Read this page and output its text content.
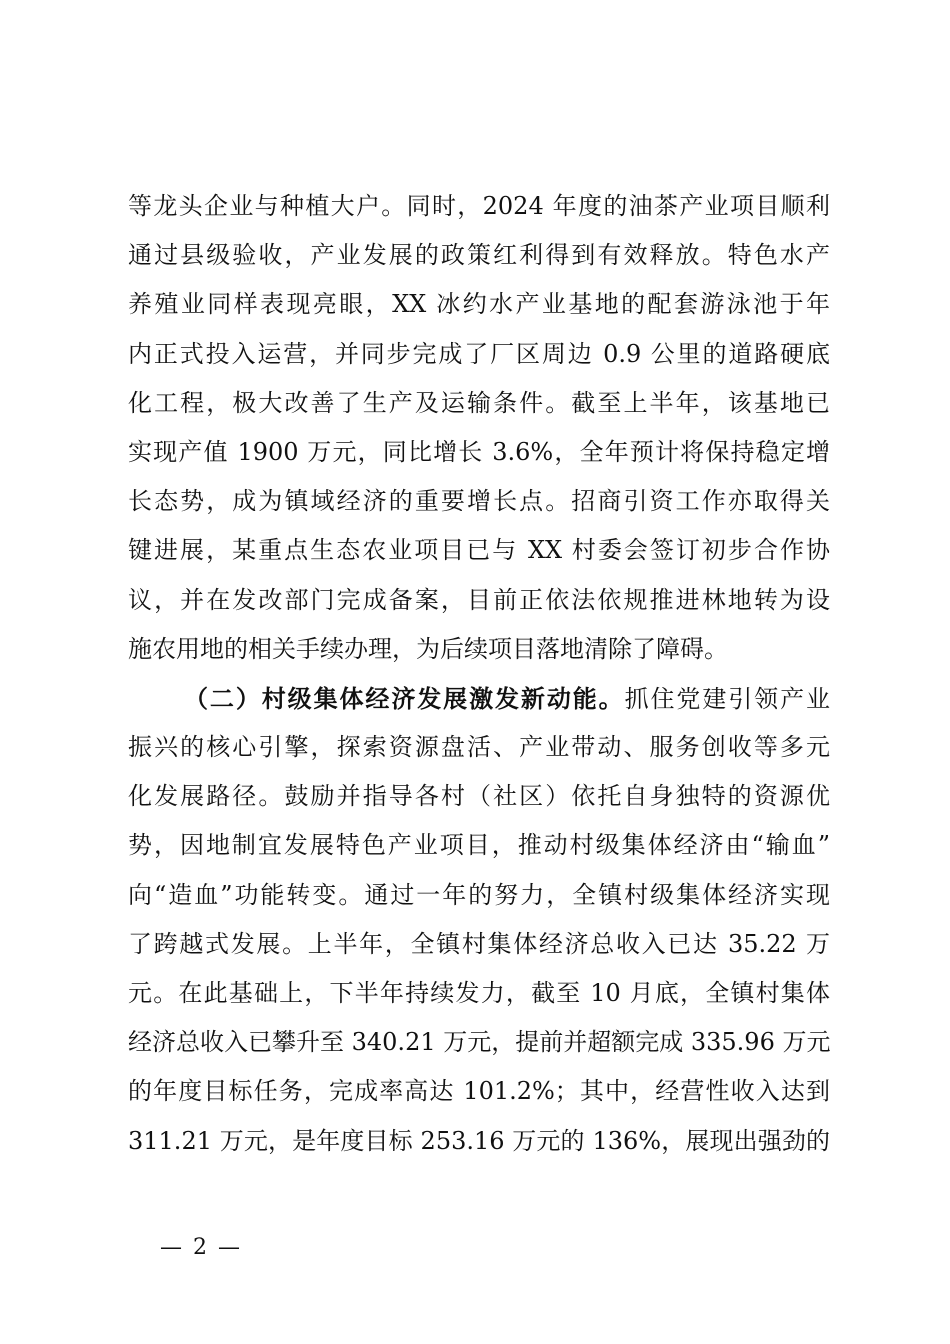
等龙头企业与种植大户。同时，2024 年度的油茶产业项目顺利
通过县级验收，产业发展的政策红利得到有效释放。特色水产
养殖业同样表现亮眼，XX 冰约水产业基地的配套游泳池于年
内正式投入运营，并同步完成了厂区周边 0.9 公里的道路硬底
化工程，极大改善了生产及运输条件。截至上半年，该基地已
实现产值 1900 万元，同比增长 3.6%，全年预计将保持稳定增
长态势，成为镇域经济的重要增长点。招商引资工作亦取得关
键进展，某重点生态农业项目已与 XX 村委会签订初步合作协
议，并在发改部门完成备案，目前正依法依规推进林地转为设
施农用地的相关手续办理，为后续项目落地清除了障碍。
（二）村级集体经济发展激发新动能。抓住党建引领产业
振兴的核心引擎，探索资源盘活、产业带动、服务创收等多元
化发展路径。鼓励并指导各村（社区）依托自身独特的资源优
势，因地制宜发展特色产业项目，推动村级集体经济由“输血”
向“造血”功能转变。通过一年的努力，全镇村级集体经济实现
了跨越式发展。上半年，全镇村集体经济总收入已达 35.22 万
元。在此基础上，下半年持续发力，截至 10 月底，全镇村集体
经济总收入已攀升至 340.21 万元，提前并超额完成 335.96 万元
的年度目标任务，完成率高达 101.2%；其中，经营性收入达到
311.21 万元，是年度目标 253.16 万元的 136%，展现出强劲的
— 2 —
